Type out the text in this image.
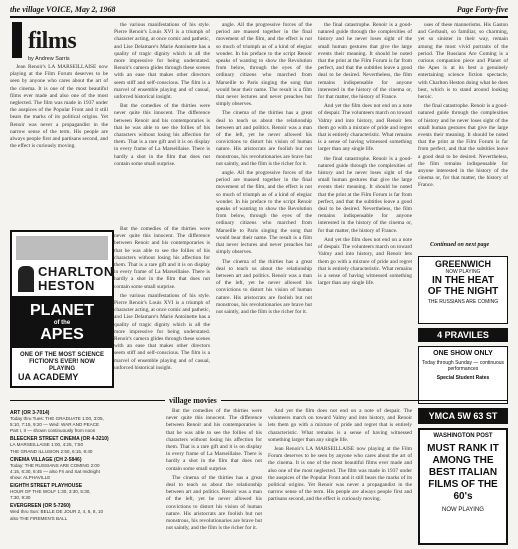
the village VOICE, May 2, 1968	Page Forty-five
films
by Andrew Sarris

Jean Renoir's LA MARSEILLAISE now playing at the Film Forum deserves to be seen by anyone who cares about the art of the cinema. It is one of the most beautiful films ever made and also one of the most neglected. The film was made in 1937 under the auspices of the Popular Front and it still bears the marks of its political origins. Yet Renoir was never a propagandist in the narrow sense of the term. His people are always people first and partisans second, and the effect is curiously moving.

CHARLTON
HESTON
PLANET
of the
APES
ONE OF THE MOST SCIENCE FICTION'S EVER! NOW PLAYING
UA ACADEMY

the various manifestations of his style. Pierre Renoir's Louis XVI is a triumph of character acting, at once comic and pathetic, and Lise Delamare's Marie Antoinette has a quality of tragic dignity which is all the more impressive for being understated. Renoir's camera glides through these scenes with an ease that makes other directors seem stiff and self-conscious. The film is a marvel of ensemble playing and of casual, unforced historical insight.

But the comedies of the thirties were never quite this innocent. The difference between Renoir and his contemporaries is that he was able to see the follies of his characters without losing his affection for them. That is a rare gift and it is on display in every frame of La Marseillaise. There is hardly a shot in the film that does not contain some small surprise.

But the comedies of the thirties were never quite this innocent. The difference between Renoir and his contemporaries is that he was able to see the follies of his characters without losing his affection for them. That is a rare gift and it is on display in every frame of La Marseillaise. There is hardly a shot in the film that does not contain some small surprise.

the various manifestations of his style. Pierre Renoir's Louis XVI is a triumph of character acting, at once comic and pathetic, and Lise Delamare's Marie Antoinette has a quality of tragic dignity which is all the more impressive for being understated. Renoir's camera glides through these scenes with an ease that makes other directors seem stiff and self-conscious. The film is a marvel of ensemble playing and of casual, unforced historical insight.

angle. All the progressive forces of the period are massed together in the final movement of the film, and the effect is not so much of triumph as of a kind of elegiac wonder. In his preface to the script Renoir speaks of wanting to show the Revolution from below, through the eyes of the ordinary citizens who marched from Marseille to Paris singing the song that would bear their name. The result is a film that never lectures and never preaches but simply observes.

The cinema of the thirties has a great deal to teach us about the relationship between art and politics. Renoir was a man of the left, yet he never allowed his convictions to distort his vision of human nature. His aristocrats are foolish but not monstrous, his revolutionaries are brave but not saintly, and the film is the richer for it.

angle. All the progressive forces of the period are massed together in the final movement of the film, and the effect is not so much of triumph as of a kind of elegiac wonder. In his preface to the script Renoir speaks of wanting to show the Revolution from below, through the eyes of the ordinary citizens who marched from Marseille to Paris singing the song that would bear their name. The result is a film that never lectures and never preaches but simply observes.

The cinema of the thirties has a great deal to teach us about the relationship between art and politics. Renoir was a man of the left, yet he never allowed his convictions to distort his vision of human nature. His aristocrats are foolish but not monstrous, his revolutionaries are brave but not saintly, and the film is the richer for it.

the final catastrophe. Renoir is a good-natured guide through the complexities of history and he never loses sight of the small human gestures that give the large events their meaning. It should be noted that the print at the Film Forum is far from perfect, and that the subtitles leave a good deal to be desired. Nevertheless, the film remains indispensable for anyone interested in the history of the cinema or, for that matter, the history of France.

And yet the film does not end on a note of despair. The volunteers march on toward Valmy and into history, and Renoir lets them go with a mixture of pride and regret that is entirely characteristic. What remains is a sense of having witnessed something larger than any single life.

the final catastrophe. Renoir is a good-natured guide through the complexities of history and he never loses sight of the small human gestures that give the large events their meaning. It should be noted that the print at the Film Forum is far from perfect, and that the subtitles leave a good deal to be desired. Nevertheless, the film remains indispensable for anyone interested in the history of the cinema or, for that matter, the history of France.

And yet the film does not end on a note of despair. The volunteers march on toward Valmy and into history, and Renoir lets them go with a mixture of pride and regret that is entirely characteristic. What remains is a sense of having witnessed something larger than any single life.

uses of these mannerisms. His Gaston and Gerbault, so familiar, so charming, yet so sinister in their way, remain among the most vivid portraits of the period. The Russians Are Coming is a curious companion piece and Planet of the Apes is at its best a genuinely entertaining science fiction spectacle, with Charlton Heston doing what he does best, which is to stand around looking heroic.

the final catastrophe. Renoir is a good-natured guide through the complexities of history and he never loses sight of the small human gestures that give the large events their meaning. It should be noted that the print at the Film Forum is far from perfect, and that the subtitles leave a good deal to be desired. Nevertheless, the film remains indispensable for anyone interested in the history of the cinema or, for that matter, the history of France.

Continued on next page
GREENWICH
NOW PLAYING
IN THE HEAT
OF THE NIGHT
THE RUSSIANS ARE COMING
4 PRAVILES
ONE SHOW ONLY
Today through Sunday — continuous performances
Special Student Rates
village movies
ART (OR 3-7014)
Today thru Tues: THE GRADUATE 1:00, 3:05,
5:10, 7:15, 9:20 — Wed: WAR AND PEACE
Part I, II — shown continuously from noon
BLEECKER STREET CINEMA (OR 4-3210)
LA MARSEILLAISE 1:00, 4:25, 7:50
THE GRAND ILLUSION 2:50, 6:15, 9:40
CINEMA VILLAGE (CH 2-5846)
Today: THE RUSSIANS ARE COMING 2:00
4:15, 6:30, 8:45 — also Fri and Sat midnight
show: ALPHAVILLE
EIGHTH STREET PLAYHOUSE
HOUR OF THE WOLF 1:30, 3:30, 5:30,
7:30, 9:30
EVERGREEN (OR 5-7260)
Wed thru Sun: BELLE DE JOUR 2, 4, 6, 8, 10
also THE FIREMEN'S BALL

But the comedies of the thirties were never quite this innocent. The difference between Renoir and his contemporaries is that he was able to see the follies of his characters without losing his affection for them. That is a rare gift and it is on display in every frame of La Marseillaise. There is hardly a shot in the film that does not contain some small surprise.

The cinema of the thirties has a great deal to teach us about the relationship between art and politics. Renoir was a man of the left, yet he never allowed his convictions to distort his vision of human nature. His aristocrats are foolish but not monstrous, his revolutionaries are brave but not saintly, and the film is the richer for it.

And yet the film does not end on a note of despair. The volunteers march on toward Valmy and into history, and Renoir lets them go with a mixture of pride and regret that is entirely characteristic. What remains is a sense of having witnessed something larger than any single life.

Jean Renoir's LA MARSEILLAISE now playing at the Film Forum deserves to be seen by anyone who cares about the art of the cinema. It is one of the most beautiful films ever made and also one of the most neglected. The film was made in 1937 under the auspices of the Popular Front and it still bears the marks of its political origins. Yet Renoir was never a propagandist in the narrow sense of the term. His people are always people first and partisans second, and the effect is curiously moving.

YMCA 5W 63 ST
WASHINGTON POST
MUST RANK IT AMONG THE BEST ITALIAN FILMS OF THE 60's
NOW PLAYING
